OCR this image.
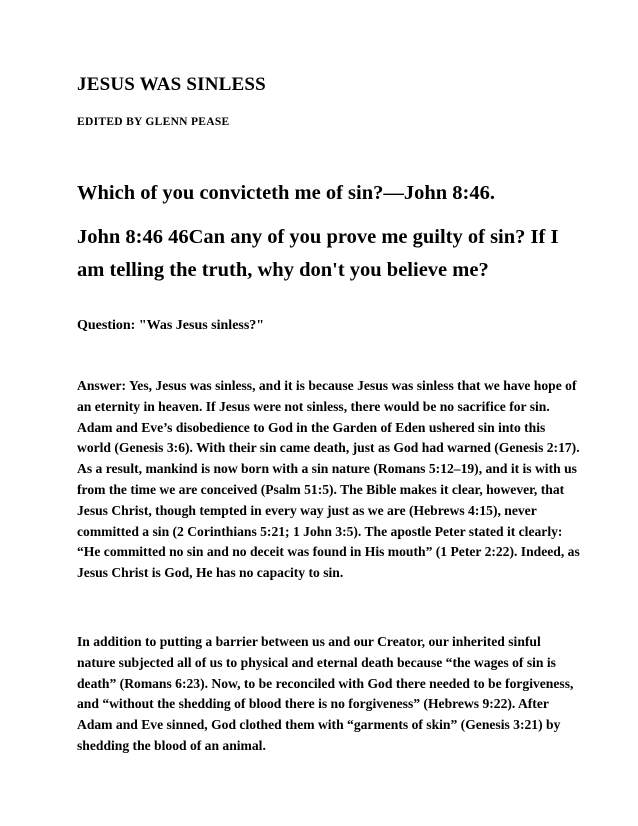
JESUS WAS SINLESS
EDITED BY GLENN PEASE
Which of you convicteth me of sin?—John 8:46.
John 8:46 46Can any of you prove me guilty of sin? If I am telling the truth, why don't you believe me?

Question: "Was Jesus sinless?"

Answer: Yes, Jesus was sinless, and it is because Jesus was sinless that we have hope of an eternity in heaven. If Jesus were not sinless, there would be no sacrifice for sin. Adam and Eve’s disobedience to God in the Garden of Eden ushered sin into this world (Genesis 3:6). With their sin came death, just as God had warned (Genesis 2:17). As a result, mankind is now born with a sin nature (Romans 5:12–19), and it is with us from the time we are conceived (Psalm 51:5). The Bible makes it clear, however, that Jesus Christ, though tempted in every way just as we are (Hebrews 4:15), never committed a sin (2 Corinthians 5:21; 1 John 3:5). The apostle Peter stated it clearly: “He committed no sin and no deceit was found in His mouth” (1 Peter 2:22). Indeed, as Jesus Christ is God, He has no capacity to sin.

In addition to putting a barrier between us and our Creator, our inherited sinful nature subjected all of us to physical and eternal death because “the wages of sin is death” (Romans 6:23). Now, to be reconciled with God there needed to be forgiveness, and “without the shedding of blood there is no forgiveness” (Hebrews 9:22). After Adam and Eve sinned, God clothed them with “garments of skin” (Genesis 3:21) by shedding the blood of an animal.
